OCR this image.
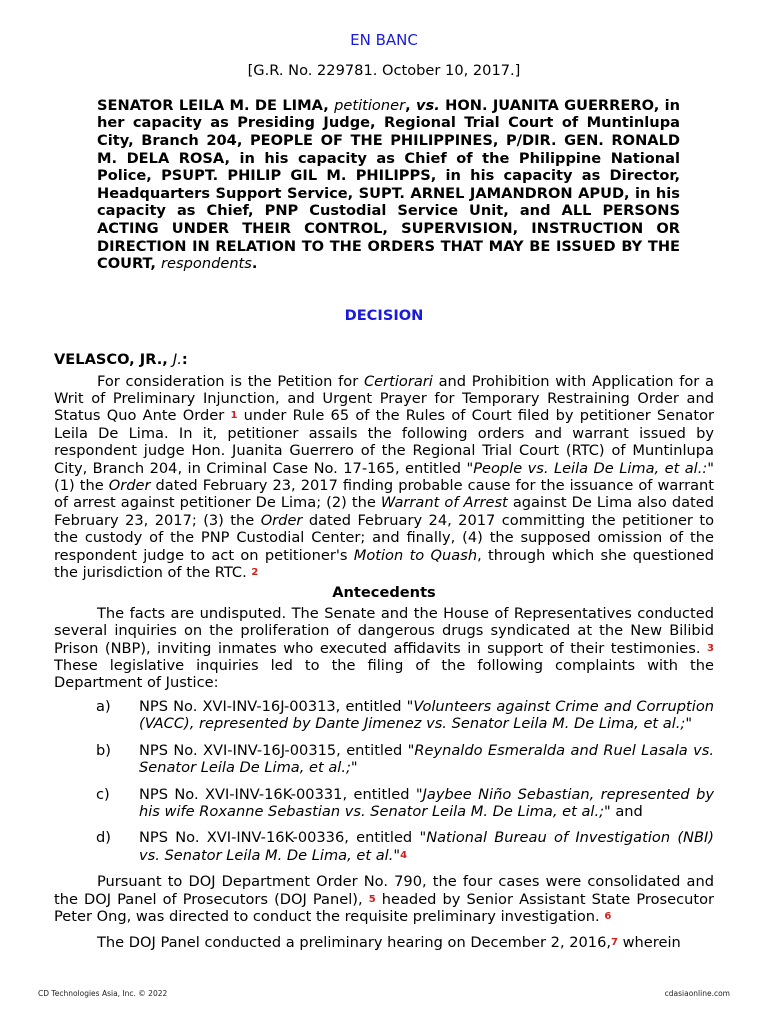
EN BANC
[G.R. No. 229781. October 10, 2017.]
SENATOR LEILA M. DE LIMA, petitioner, vs. HON. JUANITA GUERRERO, in her capacity as Presiding Judge, Regional Trial Court of Muntinlupa City, Branch 204, PEOPLE OF THE PHILIPPINES, P/DIR. GEN. RONALD M. DELA ROSA, in his capacity as Chief of the Philippine National Police, PSUPT. PHILIP GIL M. PHILIPPS, in his capacity as Director, Headquarters Support Service, SUPT. ARNEL JAMANDRON APUD, in his capacity as Chief, PNP Custodial Service Unit, and ALL PERSONS ACTING UNDER THEIR CONTROL, SUPERVISION, INSTRUCTION OR DIRECTION IN RELATION TO THE ORDERS THAT MAY BE ISSUED BY THE COURT, respondents.
DECISION
VELASCO, JR., J.:

For consideration is the Petition for Certiorari and Prohibition with Application for a Writ of Preliminary Injunction, and Urgent Prayer for Temporary Restraining Order and Status Quo Ante Order 1 under Rule 65 of the Rules of Court filed by petitioner Senator Leila De Lima. In it, petitioner assails the following orders and warrant issued by respondent judge Hon. Juanita Guerrero of the Regional Trial Court (RTC) of Muntinlupa City, Branch 204, in Criminal Case No. 17-165, entitled "People vs. Leila De Lima, et al.:" (1) the Order dated February 23, 2017 finding probable cause for the issuance of warrant of arrest against petitioner De Lima; (2) the Warrant of Arrest against De Lima also dated February 23, 2017; (3) the Order dated February 24, 2017 committing the petitioner to the custody of the PNP Custodial Center; and finally, (4) the supposed omission of the respondent judge to act on petitioner's Motion to Quash, through which she questioned the jurisdiction of the RTC. 2

Antecedents

The facts are undisputed. The Senate and the House of Representatives conducted several inquiries on the proliferation of dangerous drugs syndicated at the New Bilibid Prison (NBP), inviting inmates who executed affidavits in support of their testimonies. 3 These legislative inquiries led to the filing of the following complaints with the Department of Justice:

a) NPS No. XVI-INV-16J-00313, entitled "Volunteers against Crime and Corruption (VACC), represented by Dante Jimenez vs. Senator Leila M. De Lima, et al.;"
b) NPS No. XVI-INV-16J-00315, entitled "Reynaldo Esmeralda and Ruel Lasala vs. Senator Leila De Lima, et al.;"
c) NPS No. XVI-INV-16K-00331, entitled "Jaybee Niño Sebastian, represented by his wife Roxanne Sebastian vs. Senator Leila M. De Lima, et al.;" and
d) NPS No. XVI-INV-16K-00336, entitled "National Bureau of Investigation (NBI) vs. Senator Leila M. De Lima, et al."4

Pursuant to DOJ Department Order No. 790, the four cases were consolidated and the DOJ Panel of Prosecutors (DOJ Panel), 5 headed by Senior Assistant State Prosecutor Peter Ong, was directed to conduct the requisite preliminary investigation. 6

The DOJ Panel conducted a preliminary hearing on December 2, 2016,7 wherein

CD Technologies Asia, Inc. © 2022	cdasiaonline.com
